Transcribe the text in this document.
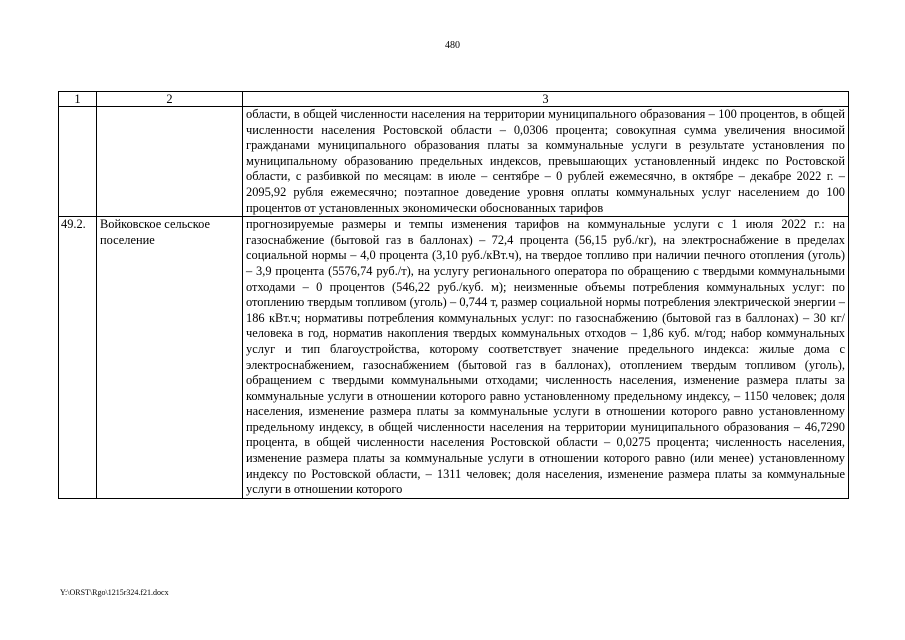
480
1	2	3
		области, в общей численности населения на территории муниципального образования – 100 процентов, в общей численности населения Ростовской области – 0,0306 процента; совокупная сумма увеличения вносимой гражданами муниципального образования платы за коммунальные услуги в результате установления по муниципальному образованию предельных индексов, превышающих установленный индекс по Ростовской области, с разбивкой по месяцам: в июле – сентябре – 0 рублей ежемесячно, в октябре – декабре 2022 г. – 2095,92 рубля ежемесячно; поэтапное доведение уровня оплаты коммунальных услуг населением до 100 процентов от установленных экономически обоснованных тарифов
49.2.	Войковское сельское поселение	прогнозируемые размеры и темпы изменения тарифов на коммунальные услуги с 1 июля 2022 г.: на газоснабжение (бытовой газ в баллонах) – 72,4 процента (56,15 руб./кг), на электроснабжение в пределах социальной нормы – 4,0 процента (3,10 руб./кВт.ч), на твердое топливо при наличии печного отопления (уголь) – 3,9 процента (5576,74 руб./т), на услугу регионального оператора по обращению с твердыми коммунальными отходами – 0 процентов (546,22 руб./куб. м); неизменные объемы потребления коммунальных услуг: по отоплению твердым топливом (уголь) – 0,744 т, размер социальной нормы потребления электрической энергии – 186 кВт.ч; нормативы потребления коммунальных услуг: по газоснабжению (бытовой газ в баллонах) – 30 кг/человека в год, норматив накопления твердых коммунальных отходов – 1,86 куб. м/год; набор коммунальных услуг и тип благоустройства, которому соответствует значение предельного индекса: жилые дома с электроснабжением, газоснабжением (бытовой газ в баллонах), отоплением твердым топливом (уголь), обращением с твердыми коммунальными отходами; численность населения, изменение размера платы за коммунальные услуги в отношении которого равно установленному предельному индексу, – 1150 человек; доля населения, изменение размера платы за коммунальные услуги в отношении которого равно установленному предельному индексу, в общей численности населения на территории муниципального образования – 46,7290 процента, в общей численности населения Ростовской области – 0,0275 процента; численность населения, изменение размера платы за коммунальные услуги в отношении которого равно (или менее) установленному индексу по Ростовской области, – 1311 человек; доля населения, изменение размера платы за коммунальные услуги в отношении которого
Y:\ORST\Rgo\1215r324.f21.docx
